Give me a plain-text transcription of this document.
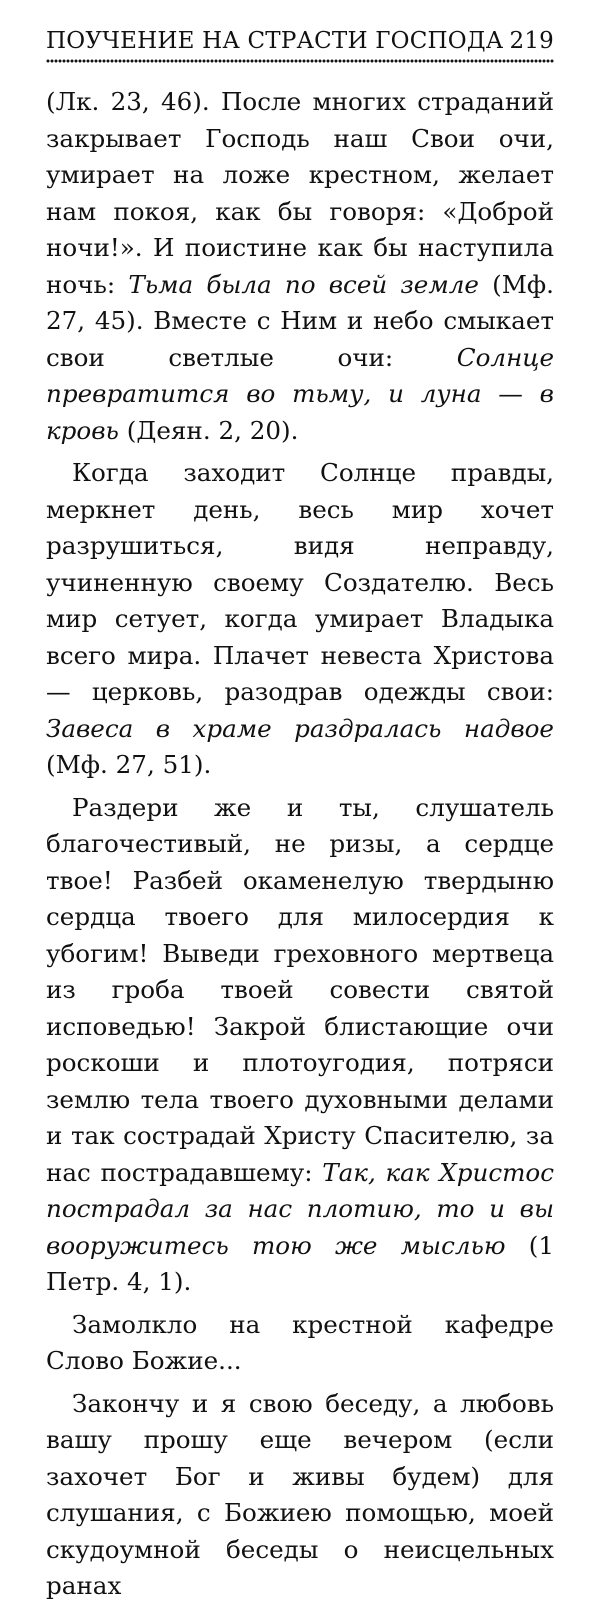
ПОУЧЕНИЕ НА СТРАСТИ ГОСПОДА 219

(Лк. 23, 46). После многих страданий закрывает Господь наш Свои очи, умирает на ложе крестном, желает нам покоя, как бы говоря: «Доброй ночи!». И поистине как бы наступила ночь: Тьма была по всей земле (Мф. 27, 45). Вместе с Ним и небо смыкает свои светлые очи: Солнце превратится во тьму, и луна — в кровь (Деян. 2, 20).

Когда заходит Солнце правды, меркнет день, весь мир хочет разрушиться, видя неправду, учиненную своему Создателю. Весь мир сетует, когда умирает Владыка всего мира. Плачет невеста Христова — церковь, разодрав одежды свои: Завеса в храме раздралась надвое (Мф. 27, 51).

Раздери же и ты, слушатель благочестивый, не ризы, а сердце твое! Разбей окаменелую твердыню сердца твоего для милосердия к убогим! Выведи греховного мертвеца из гроба твоей совести святой исповедью! Закрой блистающие очи роскоши и плотоугодия, потряси землю тела твоего духовными делами и так сострадай Христу Спасителю, за нас пострадавшему: Так, как Христос пострадал за нас плотию, то и вы вооружитесь тою же мыслью (1 Петр. 4, 1).

Замолкло на крестной кафедре Слово Божие...

Закончу и я свою беседу, а любовь вашу прошу еще вечером (если захочет Бог и живы будем) для слушания, с Божиею помощью, моей скудоумной беседы о неисцельных ранах
